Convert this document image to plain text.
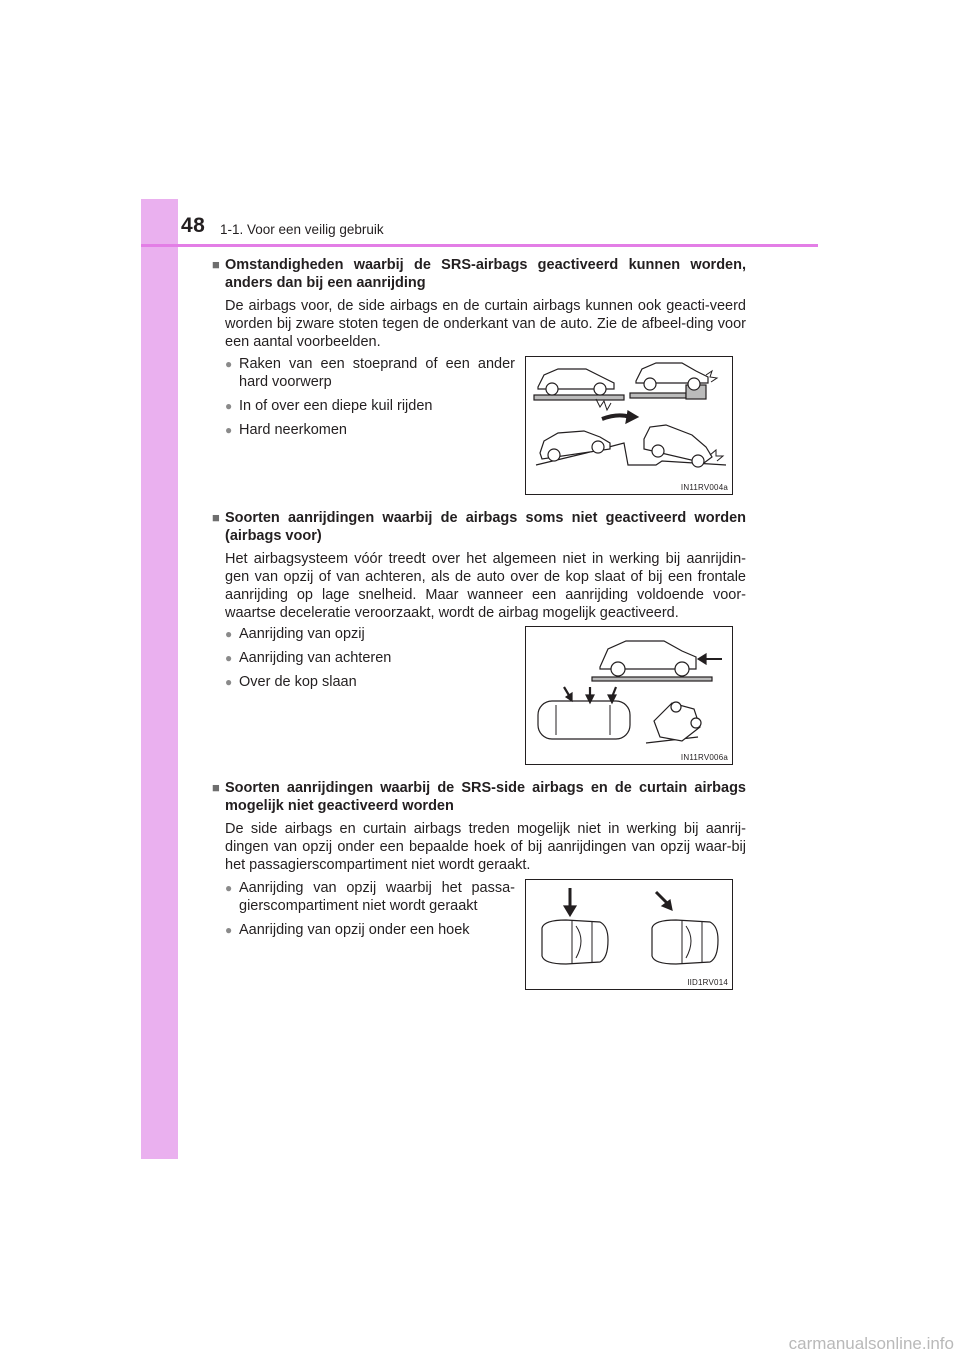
48 1-1. Voor een veilig gebruik
■ Omstandigheden waarbij de SRS-airbags geactiveerd kunnen worden, anders dan bij een aanrijding
De airbags voor, de side airbags en de curtain airbags kunnen ook geacti-veerd worden bij zware stoten tegen de onderkant van de auto. Zie de afbeel-ding voor een aantal voorbeelden.
● Raken van een stoeprand of een ander hard voorwerp
● In of over een diepe kuil rijden
● Hard neerkomen
IN11RV004a
■ Soorten aanrijdingen waarbij de airbags soms niet geactiveerd worden (airbags voor)
Het airbagsysteem vóór treedt over het algemeen niet in werking bij aanrijdin-gen van opzij of van achteren, als de auto over de kop slaat of bij een frontale aanrijding op lage snelheid. Maar wanneer een aanrijding voldoende voor-waartse deceleratie veroorzaakt, wordt de airbag mogelijk geactiveerd.
● Aanrijding van opzij
● Aanrijding van achteren
● Over de kop slaan
IN11RV006a
■ Soorten aanrijdingen waarbij de SRS-side airbags en de curtain airbags mogelijk niet geactiveerd worden
De side airbags en curtain airbags treden mogelijk niet in werking bij aanrij-dingen van opzij onder een bepaalde hoek of bij aanrijdingen van opzij waar-bij het passagierscompartiment niet wordt geraakt.
● Aanrijding van opzij waarbij het passa-gierscompartiment niet wordt geraakt
● Aanrijding van opzij onder een hoek
IID1RV014
carmanualsonline.info
